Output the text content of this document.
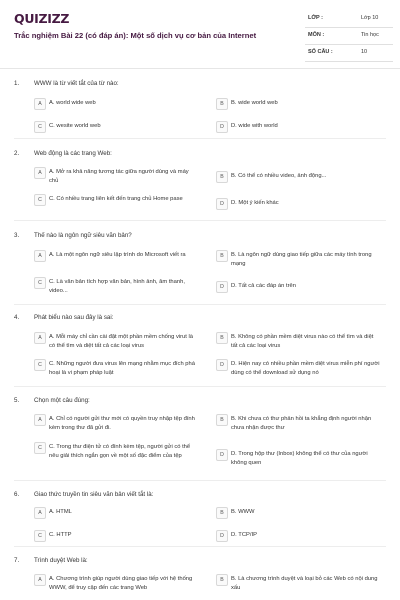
QUIZIZZ
Trắc nghiệm Bài 22 (có đáp án): Một số dịch vụ cơ bản của Internet
LỚP :	Lớp 10
MÔN :	Tin học
SỐ CÂU :	10
1. WWW là từ viết tắt của từ nào:
A	A. world wide web	B	B. wide world web
C	C. wesite world web	D	D. wide with world
2. Web động là các trang Web:
A	A. Mở ra khả năng tương tác giữa người dùng và máy chủ
B	B. Có thể có nhiều video, ảnh động...
C	C. Có nhiều trang liên kết đến trang chủ Home pase
D	D. Một ý kiến khác
3. Thế nào là ngôn ngữ siêu văn bản?
A	A. Là một ngôn ngữ siêu lập trình do Microsoft viết ra	B	B. Là ngôn ngữ dùng giao tiếp giữa các máy tính trong mạng
C	C. Là văn bản tích hợp văn bản, hình ảnh, âm thanh, video...
D	D. Tất cả các đáp án trên
4. Phát biểu nào sau đây là sai:
A	A. Mỗi máy chỉ cần cài đặt một phần mềm chống virut là có thể tìm và diệt tất cả các loại virus
B	B. Không có phần mềm diệt virus nào có thể tìm và diệt tất cả các loại virus
C	C. Những người đưa virus lên mạng nhằm mục đích phá hoại là vi phạm pháp luật
D	D. Hiện nay có nhiều phần mềm diệt virus miễn phí người dùng có thể download sử dụng nó
5. Chọn một câu đúng:
A	A. Chỉ có người gửi thư mới có quyền truy nhập tệp đính kèm trong thư đã gửi đi.
B	B. Khi chưa có thư phản hồi ta khẳng định người nhận chưa nhận được thư
C	C. Trong thư điện tử có đính kèm tệp, người gửi có thể nêu giải thích ngắn gọn về một số đặc điểm của tệp	D	D. Trong hộp thư (Inbox) không thể có thư của người không quen
6. Giao thức truyền tin siêu văn bản viết tắt là:
A	A. HTML	B	B. WWW
C	C. HTTP	D	D. TCP/IP
7. Trình duyệt Web là:
A	A. Chương trình giúp người dùng giao tiếp với hệ thống WWW, để truy cập đến các trang Web
B	B. Là chương trình duyệt và loại bỏ các Web có nội dung xấu
